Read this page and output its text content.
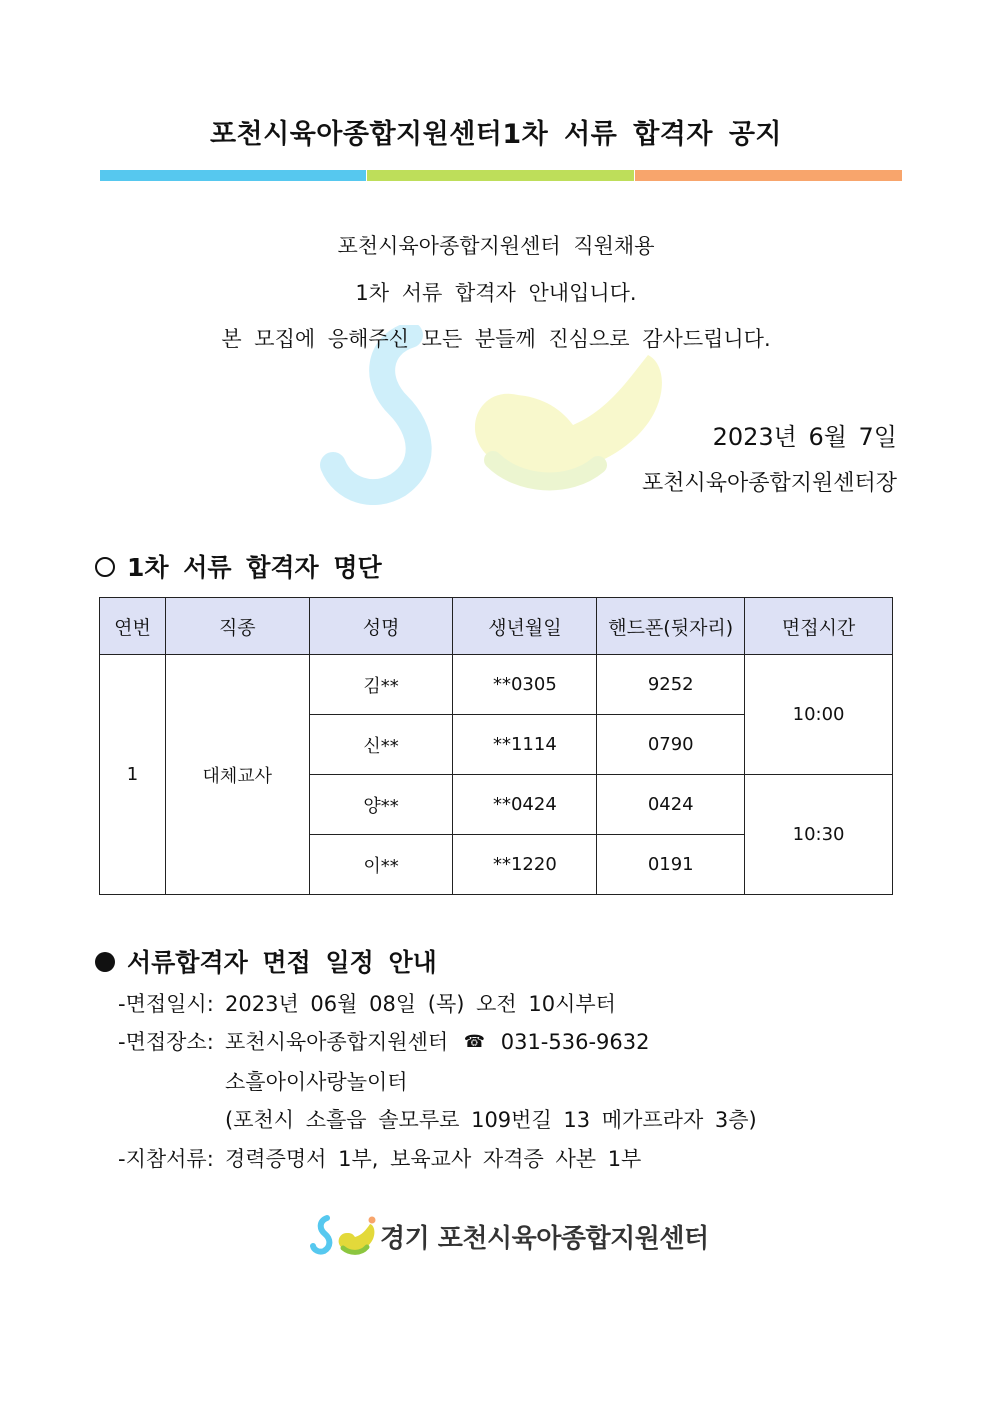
포천시육아종합지원센터1차 서류 합격자 공지
포천시육아종합지원센터 직원채용
1차 서류 합격자 안내입니다.
본 모집에 응해주신 모든 분들께 진심으로 감사드립니다.
2023년 6월 7일
포천시육아종합지원센터장
1차 서류 합격자 명단
연번	직종	성명	생년월일	핸드폰(뒷자리)	면접시간
1	대체교사	김**	**0305	9252	10:00
		신**	**1114	0790	
		양**	**0424	0424	10:30
		이**	**1220	0191	
서류합격자 면접 일정 안내
-면접일시: 2023년 06월 08일 (목) 오전 10시부터
-면접장소: 포천시육아종합지원센터 ☎ 031-536-9632
소흘아이사랑놀이터
(포천시 소흘읍 솔모루로 109번길 13 메가프라자 3층)
-지참서류: 경력증명서 1부, 보육교사 자격증 사본 1부
경기 포천시육아종합지원센터
